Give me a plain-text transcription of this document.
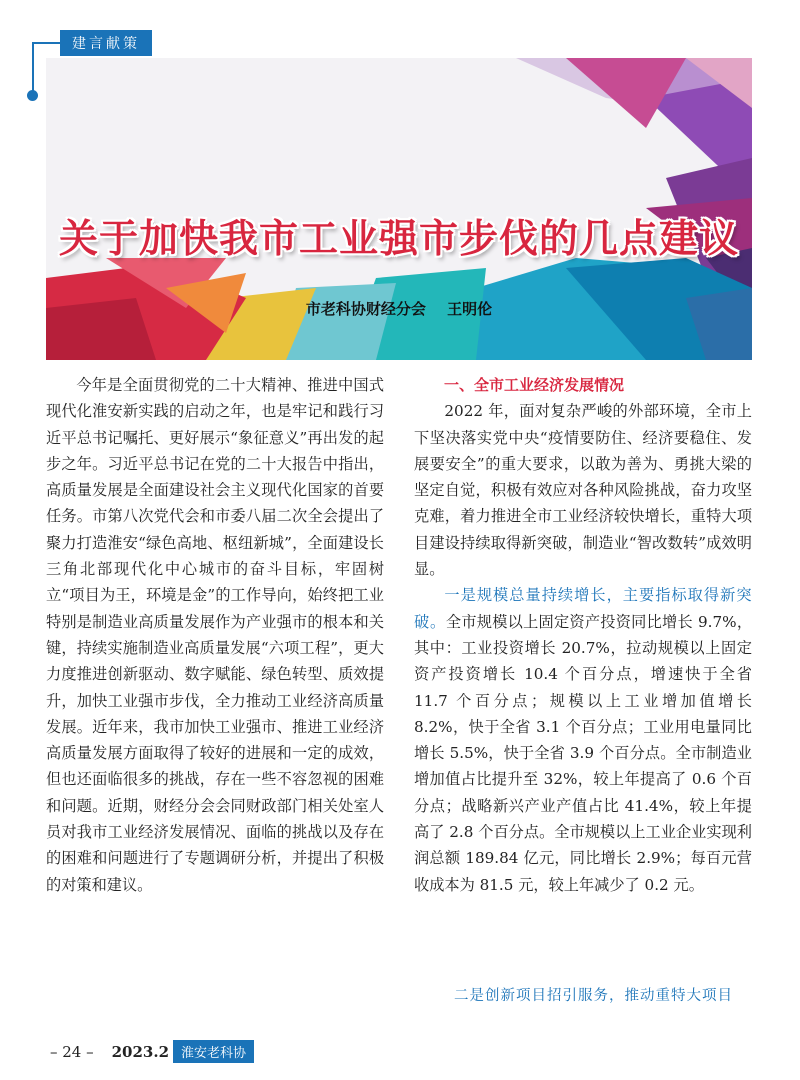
建言献策
关于加快我市工业强市步伐的几点建议
市老科协财经分会 王明伦

今年是全面贯彻党的二十大精神、推进中国式现代化淮安新实践的启动之年，也是牢记和践行习近平总书记嘱托、更好展示“象征意义”再出发的起步之年。习近平总书记在党的二十大报告中指出，高质量发展是全面建设社会主义现代化国家的首要任务。市第八次党代会和市委八届二次全会提出了聚力打造淮安“绿色高地、枢纽新城”，全面建设长三角北部现代化中心城市的奋斗目标，牢固树立“项目为王，环境是金”的工作导向，始终把工业特别是制造业高质量发展作为产业强市的根本和关键，持续实施制造业高质量发展“六项工程”，更大力度推进创新驱动、数字赋能、绿色转型、质效提升，加快工业强市步伐，全力推动工业经济高质量发展。近年来，我市加快工业强市、推进工业经济高质量发展方面取得了较好的进展和一定的成效，但也还面临很多的挑战，存在一些不容忽视的困难和问题。近期，财经分会会同财政部门相关处室人员对我市工业经济发展情况、面临的挑战以及存在的困难和问题进行了专题调研分析，并提出了积极的对策和建议。

一、全市工业经济发展情况

2022 年，面对复杂严峻的外部环境，全市上下坚决落实党中央“疫情要防住、经济要稳住、发展要安全”的重大要求，以敢为善为、勇挑大梁的坚定自觉，积极有效应对各种风险挑战，奋力攻坚克难，着力推进全市工业经济较快增长，重特大项目建设持续取得新突破，制造业“智改数转”成效明显。

一是规模总量持续增长，主要指标取得新突破。全市规模以上固定资产投资同比增长 9.7%，其中：工业投资增长 20.7%，拉动规模以上固定资产投资增长 10.4 个百分点，增速快于全省 11.7 个百分点；规模以上工业增加值增长 8.2%，快于全省 3.1 个百分点；工业用电量同比增长 5.5%，快于全省 3.9 个百分点。全市制造业增加值占比提升至 32%，较上年提高了 0.6 个百分点；战略新兴产业产值占比 41.4%，较上年提高了 2.8 个百分点。全市规模以上工业企业实现利润总额 189.84 亿元，同比增长 2.9%；每百元营收成本为 81.5 元，较上年减少了 0.2 元。

二是创新项目招引服务，推动重特大项目
– 24 – 2023.2 淮安老科协
